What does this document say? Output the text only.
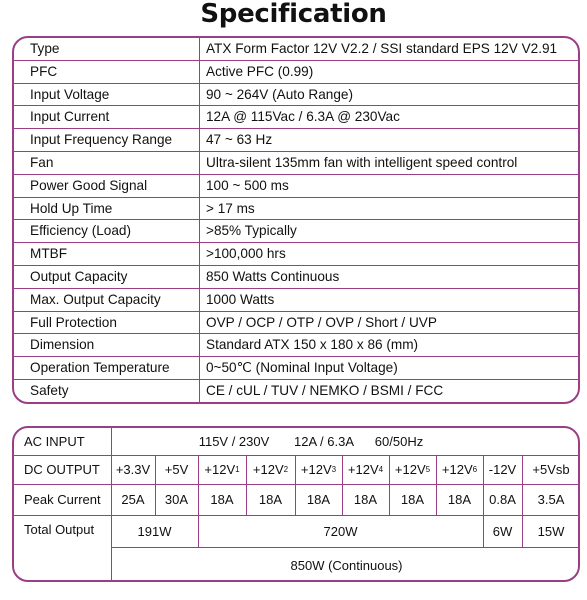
Specification
Type	ATX Form Factor 12V V2.2 / SSI standard EPS 12V V2.91
PFC	Active PFC (0.99)
Input Voltage	90 ~ 264V (Auto Range)
Input Current	12A @ 115Vac / 6.3A @ 230Vac
Input Frequency Range 47 ~ 63 Hz
Fan	Ultra-silent 135mm fan with intelligent speed control
Power Good Signal	100 ~ 500 ms
Hold Up Time	> 17 ms
Efficiency (Load)	>85% Typically
MTBF	>100,000 hrs
Output Capacity	850 Watts Continuous
Max. Output Capacity	1000 Watts
Full Protection	OVP / OCP / OTP / OVP / Short / UVP
Dimension	Standard ATX 150 x 180 x 86 (mm)
Operation Temperature	0~50℃ (Nominal Input Voltage)
Safety	CE / cUL / TUV / NEMKO / BSMI / FCC
AC INPUT	115V / 230V	12A / 6.3A	60/50Hz
DC OUTPUT	+3.3V +5V +12V 1 +12V 2 +12V 3 +12V 4 +12V 5 +12V 6 -12V +5Vsb
Peak Current	25A	30A	18A	18A	18A	18A	18A	18A	0.8A	3.5A
Total Output	191W	720W	6W	15W
850W (Continuous)
